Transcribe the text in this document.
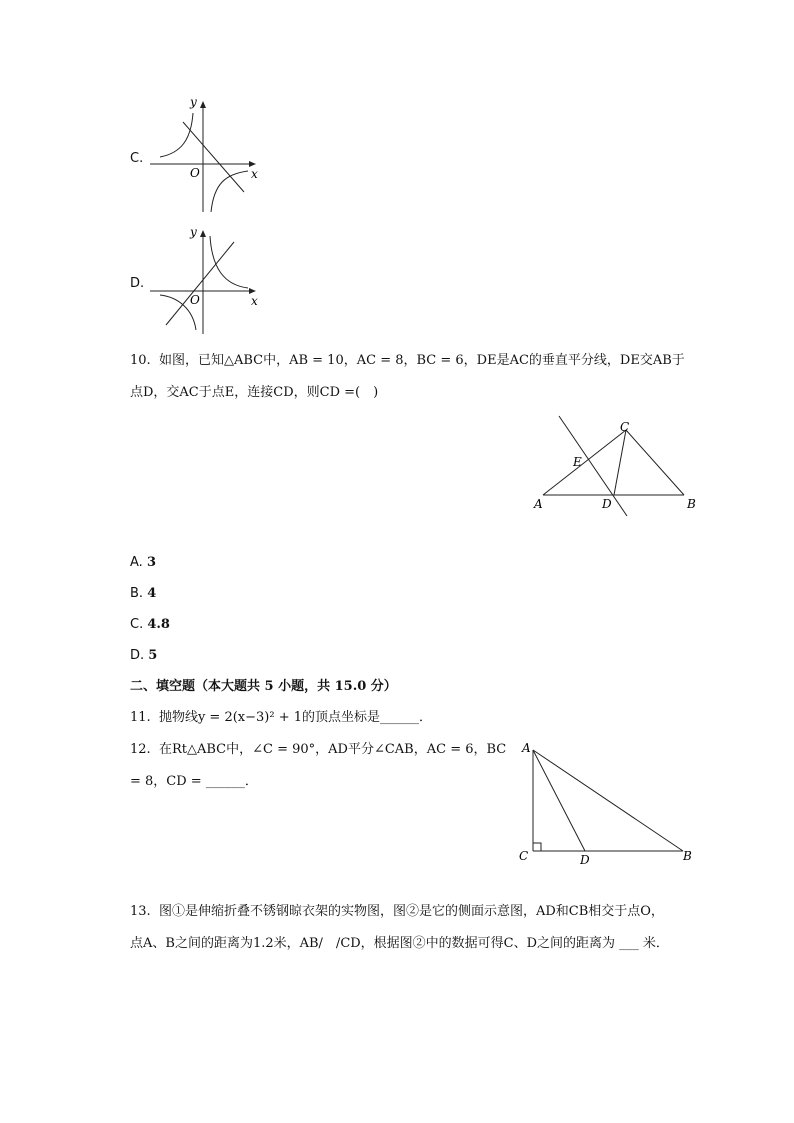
C.
x
y
O
D.
x
y
O
10. 如图，已知△ABC中，AB = 10，AC = 8，BC = 6，DE是AC的垂直平分线，DE交AB于
点D，交AC于点E，连接CD，则CD =(　)
A	B
C
D
E
A. 3
B. 4
C. 4.8
D. 5
二、填空题（本大题共 5 小题，共 15.0 分）
11. 抛物线y = 2(x−3)² + 1的顶点坐标是______．
12. 在Rt△ABC中，∠C = 90°，AD平分∠CAB，AC = 6，BC
= 8，CD = ______．
A
C	D	B
13. 图①是伸缩折叠不锈钢晾衣架的实物图，图②是它的侧面示意图，AD和CB相交于点O，
点A、B之间的距离为1.2米，AB/　/CD，根据图②中的数据可得C、D之间的距离为 ___ 米．
